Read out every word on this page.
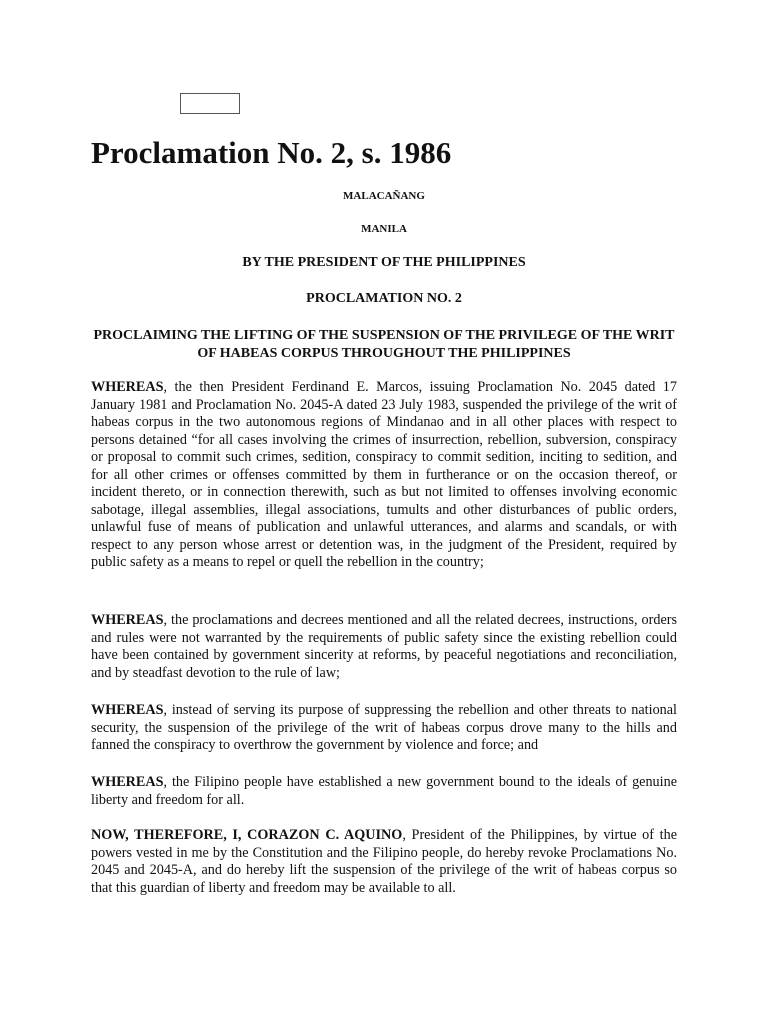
Proclamation No. 2, s. 1986

MALACAÑANG

MANILA

BY THE PRESIDENT OF THE PHILIPPINES

PROCLAMATION NO. 2

PROCLAIMING THE LIFTING OF THE SUSPENSION OF THE PRIVILEGE OF THE WRIT OF HABEAS CORPUS THROUGHOUT THE PHILIPPINES

WHEREAS, the then President Ferdinand E. Marcos, issuing Proclamation No. 2045 dated 17 January 1981 and Proclamation No. 2045-A dated 23 July 1983, suspended the privilege of the writ of habeas corpus in the two autonomous regions of Mindanao and in all other places with respect to persons detained “for all cases involving the crimes of insurrection, rebellion, subversion, conspiracy or proposal to commit such crimes, sedition, conspiracy to commit sedition, inciting to sedition, and for all other crimes or offenses committed by them in furtherance or on the occasion thereof, or incident thereto, or in connection therewith, such as but not limited to offenses involving economic sabotage, illegal assemblies, illegal associations, tumults and other disturbances of public orders, unlawful fuse of means of publication and unlawful utterances, and alarms and scandals, or with respect to any person whose arrest or detention was, in the judgment of the President, required by public safety as a means to repel or quell the rebellion in the country;

WHEREAS, the proclamations and decrees mentioned and all the related decrees, instructions, orders and rules were not warranted by the requirements of public safety since the existing rebellion could have been contained by government sincerity at reforms, by peaceful negotiations and reconciliation, and by steadfast devotion to the rule of law;

WHEREAS, instead of serving its purpose of suppressing the rebellion and other threats to national security, the suspension of the privilege of the writ of habeas corpus drove many to the hills and fanned the conspiracy to overthrow the government by violence and force; and

WHEREAS, the Filipino people have established a new government bound to the ideals of genuine liberty and freedom for all.

NOW, THEREFORE, I, CORAZON C. AQUINO, President of the Philippines, by virtue of the powers vested in me by the Constitution and the Filipino people, do hereby revoke Proclamations No. 2045 and 2045-A, and do hereby lift the suspension of the privilege of the writ of habeas corpus so that this guardian of liberty and freedom may be available to all.
